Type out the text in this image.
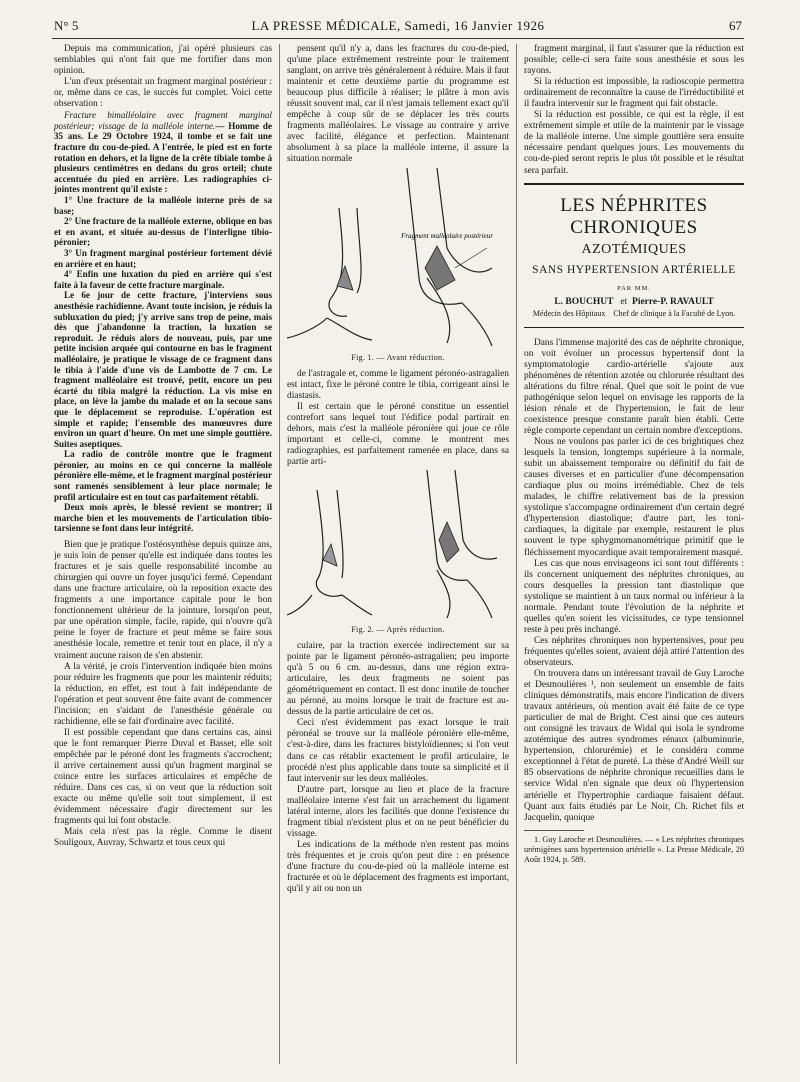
N° 5	LA PRESSE MÉDICALE, Samedi, 16 Janvier 1926	67

Depuis ma communication, j'ai opéré plusieurs cas semblables qui n'ont fait que me fortifier dans mon opinion.

L'un d'eux présentait un fragment marginal postérieur : or, même dans ce cas, le succès fut complet. Voici cette observation :

Fracture bimalléolaire avec fragment marginal postérieur; vissage de la malléole interne.— Homme de 35 ans. Le 29 Octobre 1924, il tombe et se fait une fracture du cou-de-pied. A l'entrée, le pied est en forte rotation en dehors, et la ligne de la crête tibiale tombe à plusieurs centimètres en dedans du gros orteil; chute accentuée du pied en arrière. Les radiographies ci-jointes montrent qu'il existe :

1° Une fracture de la malléole interne près de sa base;

2° Une fracture de la malléole externe, oblique en bas et en avant, et située au-dessus de l'interligne tibio-péronier;

3° Un fragment marginal postérieur fortement dévié en arrière et en haut;

4° Enfin une luxation du pied en arrière qui s'est faite à la faveur de cette fracture marginale.

Le 6e jour de cette fracture, j'interviens sous anesthésie rachidienne. Avant toute incision, je réduis la subluxation du pied; j'y arrive sans trop de peine, mais dès que j'abandonne la traction, la luxation se reproduit. Je réduis alors de nouveau, puis, par une petite incision arquée qui contourne en bas le fragment malléolaire, je pratique le vissage de ce fragment dans le tibia à l'aide d'une vis de Lambotte de 7 cm. Le fragment malléolaire est trouvé, petit, encore un peu écarté du tibia malgré la réduction. La vis mise en place, on lève la jambe du malade et on la secoue sans que le déplacement se reproduise. L'opération est simple et rapide; l'ensemble des manœuvres dure environ un quart d'heure. On met une simple gouttière. Suites aseptiques.

La radio de contrôle montre que le fragment péronier, au moins en ce qui concerne la malléole péronière elle-même, et le fragment marginal postérieur sont ramenés sensiblement à leur place normale; le profil articulaire est en tout cas parfaitement rétabli.

Deux mois après, le blessé revient se montrer; il marche bien et les mouvements de l'articulation tibio-tarsienne se font dans leur intégrité.

Bien que je pratique l'ostéosynthèse depuis quinze ans, je suis loin de penser qu'elle est indiquée dans toutes les fractures et je sais quelle responsabilité incombe au chirurgien qui ouvre un foyer jusqu'ici fermé. Cependant dans une fracture articulaire, où la reposition exacte des fragments a une importance capitale pour le bon fonctionnement ultérieur de la jointure, lorsqu'on peut, par une opération simple, facile, rapide, qui n'ouvre qu'à peine le foyer de fracture et peut même se faire sous anesthésie locale, remettre et tenir tout en place, il n'y a vraiment aucune raison de s'en abstenir.

A la vérité, je crois l'intervention indiquée bien moins pour réduire les fragments que pour les maintenir réduits; la réduction, en effet, est tout à fait indépendante de l'opération et peut souvent être faite avant de commencer l'incision; en s'aidant de l'anesthésie générale ou rachidienne, elle se fait d'ordinaire avec facilité.

Il est possible cependant que dans certains cas, ainsi que le font remarquer Pierre Duval et Basset, elle soit empêchée par le péroné dont les fragments s'accrochent; il arrive certainement aussi qu'un fragment marginal se coince entre les surfaces articulaires et empêche de réduire. Dans ces cas, si on veut que la réduction soit exacte ou même qu'elle soit tout simplement, il est évidemment nécessaire d'agir directement sur les fragments qui lui font obstacle.

Mais cela n'est pas la règle. Comme le disent Souligoux, Auvray, Schwartz et tous ceux qui

pensent qu'il n'y a, dans les fractures du cou-de-pied, qu'une place extrêmement restreinte pour le traitement sanglant, on arrive très généralement à réduire. Mais il faut maintenir et cette deuxième partie du programme est beaucoup plus difficile à réaliser; le plâtre à mon avis réussit souvent mal, car il n'est jamais tellement exact qu'il empêche à coup sûr de se déplacer les très courts fragments malléolaires. Le vissage au contraire y arrive avec facilité, élégance et perfection. Maintenant absolument à sa place la malléole interne, il assure la situation normale

Fragment malléolaire postérieur
Fig. 1. — Avant réduction.

de l'astragale et, comme le ligament péronéo-astragalien est intact, fixe le péroné contre le tibia, corrigeant ainsi le diastasis.

Il est certain que le péroné constitue un essentiel contrefort sans lequel tout l'édifice podal partirait en dehors, mais c'est la malléole péronière qui joue ce rôle important et celle-ci, comme le montrent mes radiographies, est parfaitement ramenée en place, dans sa partie arti-

Fig. 2. — Après réduction.

culaire, par la traction exercée indirectement sur sa pointe par le ligament péronéo-astragalien; peu importe qu'à 5 ou 6 cm. au-dessus, dans une région extra-articulaire, les deux fragments ne soient pas géométriquement en contact. Il est donc inutile de toucher au péroné, au moins lorsque le trait de fracture est au-dessus de la partie articulaire de cet os.

Ceci n'est évidemment pas exact lorsque le trait péronéal se trouve sur la malléole péronière elle-même, c'est-à-dire, dans les fractures bistyloïdiennes; si l'on veut dans ce cas rétablir exactement le profil articulaire, le procédé n'est plus applicable dans toute sa simplicité et il faut intervenir sur les deux malléoles.

D'autre part, lorsque au lieu et place de la fracture malléolaire interne s'est fait un arrachement du ligament latéral interne, alors les facilités que donne l'existence du fragment tibial n'existent plus et on ne peut bénéficier du vissage.

Les indications de la méthode n'en restent pas moins très fréquentes et je crois qu'on peut dire : en présence d'une fracture du cou-de-pied où la malléole interne est fracturée et où le déplacement des fragments est important, qu'il y ait ou non un

fragment marginal, il faut s'assurer que la réduction est possible; celle-ci sera faite sous anesthésie et sous les rayons.

Si la réduction est impossible, la radioscopie permettra ordinairement de reconnaître la cause de l'irréductibilité et il faudra intervenir sur le fragment qui fait obstacle.

Si la réduction est possible, ce qui est la règle, il est extrêmement simple et utile de la maintenir par le vissage de la malléole interne. Une simple gouttière sera ensuite nécessaire pendant quelques jours. Les mouvements du cou-de-pied seront repris le plus tôt possible et le résultat sera parfait.

LES NÉPHRITES CHRONIQUES
AZOTÉMIQUES
SANS HYPERTENSION ARTÉRIELLE
PAR MM.
L. BOUCHUT et Pierre-P. RAVAULT
Médecin des Hôpitaux Chef de clinique à la Faculté de Lyon.

Dans l'immense majorité des cas de néphrite chronique, on voit évoluer un processus hypertensif dont la symptomatologie cardio-artérielle s'ajoute aux phénomènes de rétention azotée ou chlorurée résultant des altérations du filtre rénal. Quel que soit le point de vue pathogénique selon lequel on envisage les rapports de la lésion rénale et de l'hypertension, le fait de leur coexistence presque constante paraît bien établi. Cette règle comporte cependant un certain nombre d'exceptions.

Nous ne voulons pas parler ici de ces brightiques chez lesquels la tension, longtemps supérieure à la normale, subit un abaissement temporaire ou définitif du fait de causes diverses et en particulier d'une décompensation cardiaque plus ou moins irrémédiable. Chez de tels malades, le chiffre relativement bas de la pression systolique s'accompagne ordinairement d'un certain degré d'hypertension diastolique; d'autre part, les toni-cardiaques, la digitale par exemple, restaurent le plus souvent le type sphygmomanométrique primitif que le fléchissement myocardique avait temporairement masqué.

Les cas que nous envisageons ici sont tout différents : ils concernent uniquement des néphrites chroniques, au cours desquelles la pression tant diastolique que systolique se maintient à un taux normal ou inférieur à la normale. Pendant toute l'évolution de la néphrite et quelles qu'en soient les vicissitudes, ce type tensionnel reste à peu près inchangé.

Ces néphrites chroniques non hypertensives, pour peu fréquentes qu'elles soient, avaient déjà attiré l'attention des observateurs.

On trouvera dans un intéressant travail de Guy Laroche et Desmoulières ¹, non seulement un ensemble de faits cliniques démonstratifs, mais encore l'indication de divers travaux antérieurs, où mention avait été faite de ce type particulier de mal de Bright. C'est ainsi que ces auteurs ont consigné les travaux de Widal qui isola le syndrome azotémique des autres syndromes rénaux (albuminurie, hypertension, chlorurémie) et le considéra comme exceptionnel à l'état de pureté. La thèse d'André Weill sur 85 observations de néphrite chronique recueillies dans le service Widal n'en signale que deux où l'hypertension artérielle et l'hypertrophie cardiaque faisaient défaut. Quant aux faits étudiés par Le Noir, Ch. Richet fils et Jacquelin, quoique

1. Guy Laroche et Desmoulières. — « Les néphrites chroniques urémigènes sans hypertension artérielle ». La Presse Médicale, 20 Août 1924, p. 589.
